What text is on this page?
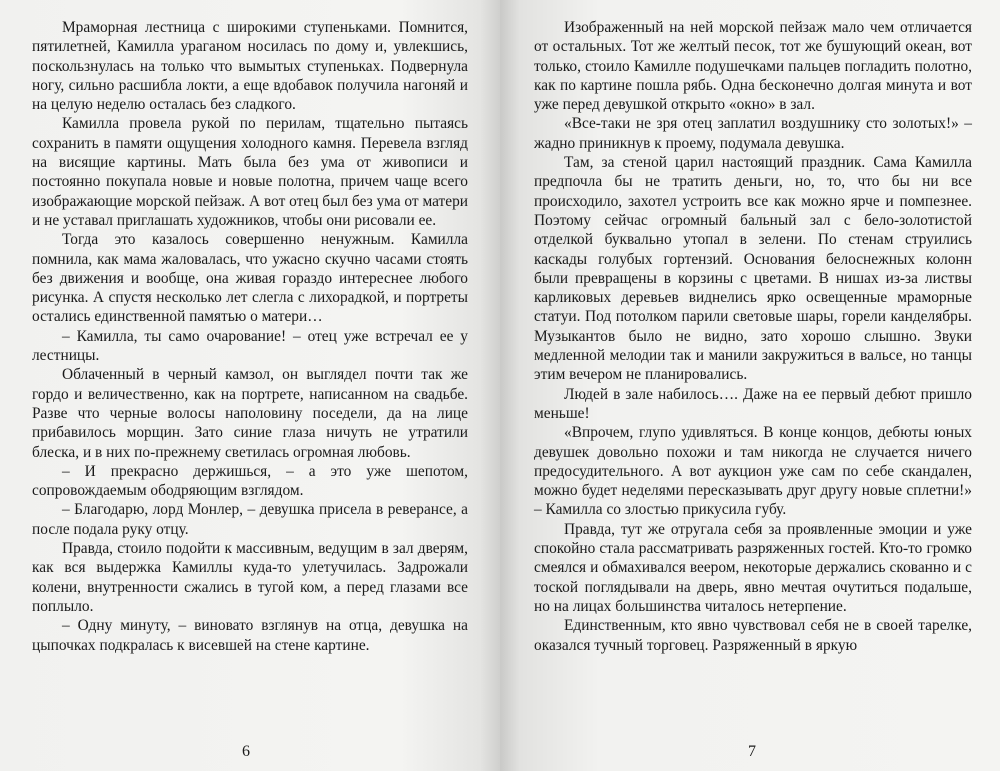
Мраморная лестница с широкими ступеньками. Помнится, пятилетней, Камилла ураганом носилась по дому и, увлекшись, поскользнулась на только что вымытых ступеньках. Подвернула ногу, сильно расшибла локти, а еще вдобавок получила нагоняй и на целую неделю осталась без сладкого.

Камилла провела рукой по перилам, тщательно пытаясь сохранить в памяти ощущения холодного камня. Перевела взгляд на висящие картины. Мать была без ума от живописи и постоянно покупала новые и новые полотна, причем чаще всего изображающие морской пейзаж. А вот отец был без ума от матери и не уставал приглашать художников, чтобы они рисовали ее.

Тогда это казалось совершенно ненужным. Камилла помнила, как мама жаловалась, что ужасно скучно часами стоять без движения и вообще, она живая гораздо интереснее любого рисунка. А спустя несколько лет слегла с лихорадкой, и портреты остались единственной памятью о матери…

– Камилла, ты само очарование! – отец уже встречал ее у лестницы.

Облаченный в черный камзол, он выглядел почти так же гордо и величественно, как на портрете, написанном на свадьбе. Разве что черные волосы наполовину поседели, да на лице прибавилось морщин. Зато синие глаза ничуть не утратили блеска, и в них по-прежнему светилась огромная любовь.

– И прекрасно держишься, – а это уже шепотом, сопровождаемым ободряющим взглядом.

– Благодарю, лорд Монлер, – девушка присела в реверансе, а после подала руку отцу.

Правда, стоило подойти к массивным, ведущим в зал дверям, как вся выдержка Камиллы куда-то улетучилась. Задрожали колени, внутренности сжались в тугой ком, а перед глазами все поплыло.

– Одну минуту, – виновато взглянув на отца, девушка на цыпочках подкралась к висевшей на стене картине.

6

Изображенный на ней морской пейзаж мало чем отличается от остальных. Тот же желтый песок, тот же бушующий океан, вот только, стоило Камилле подушечками пальцев погладить полотно, как по картине пошла рябь. Одна бесконечно долгая минута и вот уже перед девушкой открыто «окно» в зал.

«Все-таки не зря отец заплатил воздушнику сто золотых!» – жадно приникнув к проему, подумала девушка.

Там, за стеной царил настоящий праздник. Сама Камилла предпочла бы не тратить деньги, но, то, что бы ни все происходило, захотел устроить все как можно ярче и помпезнее. Поэтому сейчас огромный бальный зал с бело-золотистой отделкой буквально утопал в зелени. По стенам струились каскады голубых гортензий. Основания белоснежных колонн были превращены в корзины с цветами. В нишах из-за листвы карликовых деревьев виднелись ярко освещенные мраморные статуи. Под потолком парили световые шары, горели канделябры. Музыкантов было не видно, зато хорошо слышно. Звуки медленной мелодии так и манили закружиться в вальсе, но танцы этим вечером не планировались.

Людей в зале набилось…. Даже на ее первый дебют пришло меньше!

«Впрочем, глупо удивляться. В конце концов, дебюты юных девушек довольно похожи и там никогда не случается ничего предосудительного. А вот аукцион уже сам по себе скандален, можно будет неделями пересказывать друг другу новые сплетни!» – Камилла со злостью прикусила губу.

Правда, тут же отругала себя за проявленные эмоции и уже спокойно стала рассматривать разряженных гостей. Кто-то громко смеялся и обмахивался веером, некоторые держались скованно и с тоской поглядывали на дверь, явно мечтая очутиться подальше, но на лицах большинства читалось нетерпение.

Единственным, кто явно чувствовал себя не в своей тарелке, оказался тучный торговец. Разряженный в яркую

7
